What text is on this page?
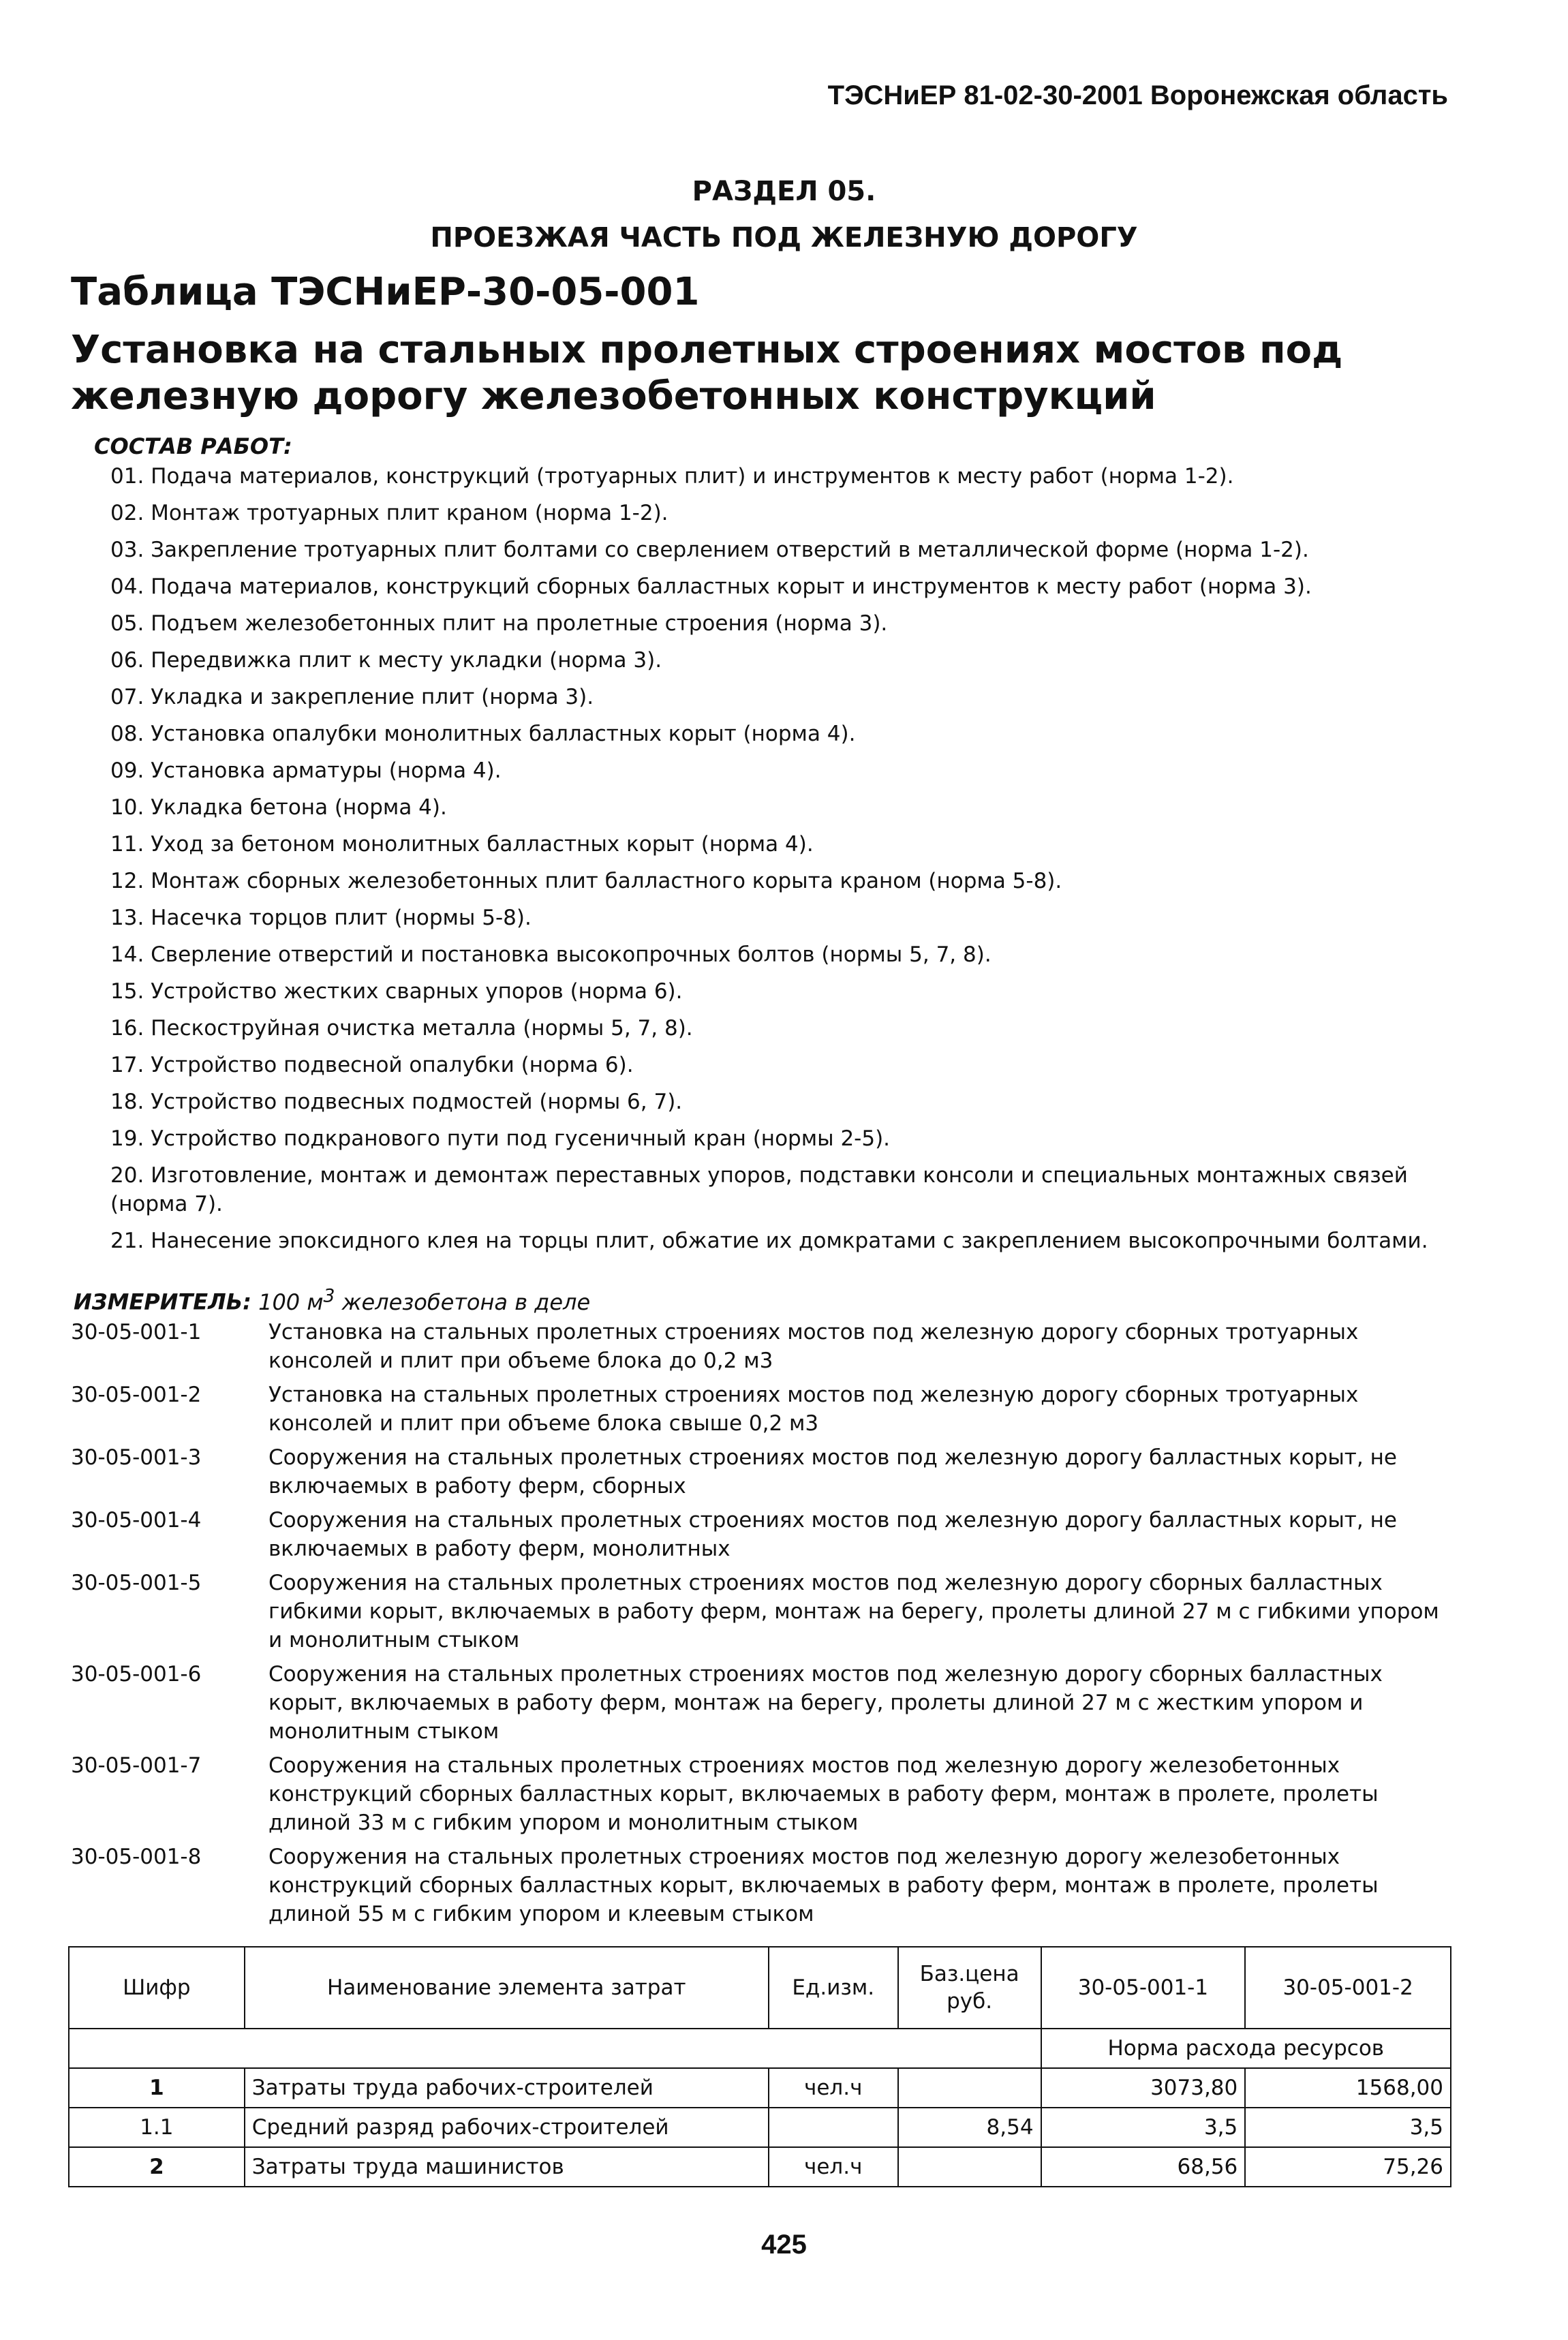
ТЭСНиЕР 81-02-30-2001 Воронежская область
РАЗДЕЛ 05.
ПРОЕЗЖАЯ ЧАСТЬ ПОД ЖЕЛЕЗНУЮ ДОРОГУ
Таблица ТЭСНиЕР-30-05-001
Установка на стальных пролетных строениях мостов под железную дорогу железобетонных конструкций
СОСТАВ РАБОТ:
01. Подача материалов, конструкций (тротуарных плит) и инструментов к месту работ (норма 1-2).
02. Монтаж тротуарных плит краном (норма 1-2).
03. Закрепление тротуарных плит болтами со сверлением отверстий в металлической форме (норма 1-2).
04. Подача материалов, конструкций сборных балластных корыт и инструментов к месту работ (норма 3).
05. Подъем железобетонных плит на пролетные строения (норма 3).
06. Передвижка плит к месту укладки (норма 3).
07. Укладка и закрепление плит (норма 3).
08. Установка опалубки монолитных балластных корыт (норма 4).
09. Установка арматуры (норма 4).
10. Укладка бетона (норма 4).
11. Уход за бетоном монолитных балластных корыт (норма 4).
12. Монтаж сборных железобетонных плит балластного корыта краном (норма 5-8).
13. Насечка торцов плит (нормы 5-8).
14. Сверление отверстий и постановка высокопрочных болтов (нормы 5, 7, 8).
15. Устройство жестких сварных упоров (норма 6).
16. Пескоструйная очистка металла (нормы 5, 7, 8).
17. Устройство подвесной опалубки (норма 6).
18. Устройство подвесных подмостей (нормы 6, 7).
19. Устройство подкранового пути под гусеничный кран (нормы 2-5).
20. Изготовление, монтаж и демонтаж переставных упоров, подставки консоли и специальных монтажных связей (норма 7).
21. Нанесение эпоксидного клея на торцы плит, обжатие их домкратами с закреплением высокопрочными болтами.
ИЗМЕРИТЕЛЬ: 100 $м^3$ железобетона в деле
30-05-001-1	Установка на стальных пролетных строениях мостов под железную дорогу сборных тротуарных консолей и плит при объеме блока до 0,2 м3
30-05-001-2	Установка на стальных пролетных строениях мостов под железную дорогу сборных тротуарных консолей и плит при объеме блока свыше 0,2 м3
30-05-001-3	Сооружения на стальных пролетных строениях мостов под железную дорогу балластных корыт, не включаемых в работу ферм, сборных
30-05-001-4	Сооружения на стальных пролетных строениях мостов под железную дорогу балластных корыт, не включаемых в работу ферм, монолитных
30-05-001-5	Сооружения на стальных пролетных строениях мостов под железную дорогу сборных балластных гибкими корыт, включаемых в работу ферм, монтаж на берегу, пролеты длиной 27 м с гибкими упором и монолитным стыком
30-05-001-6	Сооружения на стальных пролетных строениях мостов под железную дорогу сборных балластных корыт, включаемых в работу ферм, монтаж на берегу, пролеты длиной 27 м с жестким упором и монолитным стыком
30-05-001-7	Сооружения на стальных пролетных строениях мостов под железную дорогу железобетонных конструкций сборных балластных корыт, включаемых в работу ферм, монтаж в пролете, пролеты длиной 33 м с гибким упором и монолитным стыком
30-05-001-8	Сооружения на стальных пролетных строениях мостов под железную дорогу железобетонных конструкций сборных балластных корыт, включаемых в работу ферм, монтаж в пролете, пролеты длиной 55 м с гибким упором и клеевым стыком
Шифр	Наименование элемента затрат	Ед.изм.	Баз.цена руб.	30-05-001-1	30-05-001-2
				Норма расхода ресурсов	
1	Затраты труда рабочих-строителей	чел.ч		3073,80	1568,00
1.1	Средний разряд рабочих-строителей		8,54	3,5	3,5
2	Затраты труда машинистов	чел.ч		68,56	75,26
425
